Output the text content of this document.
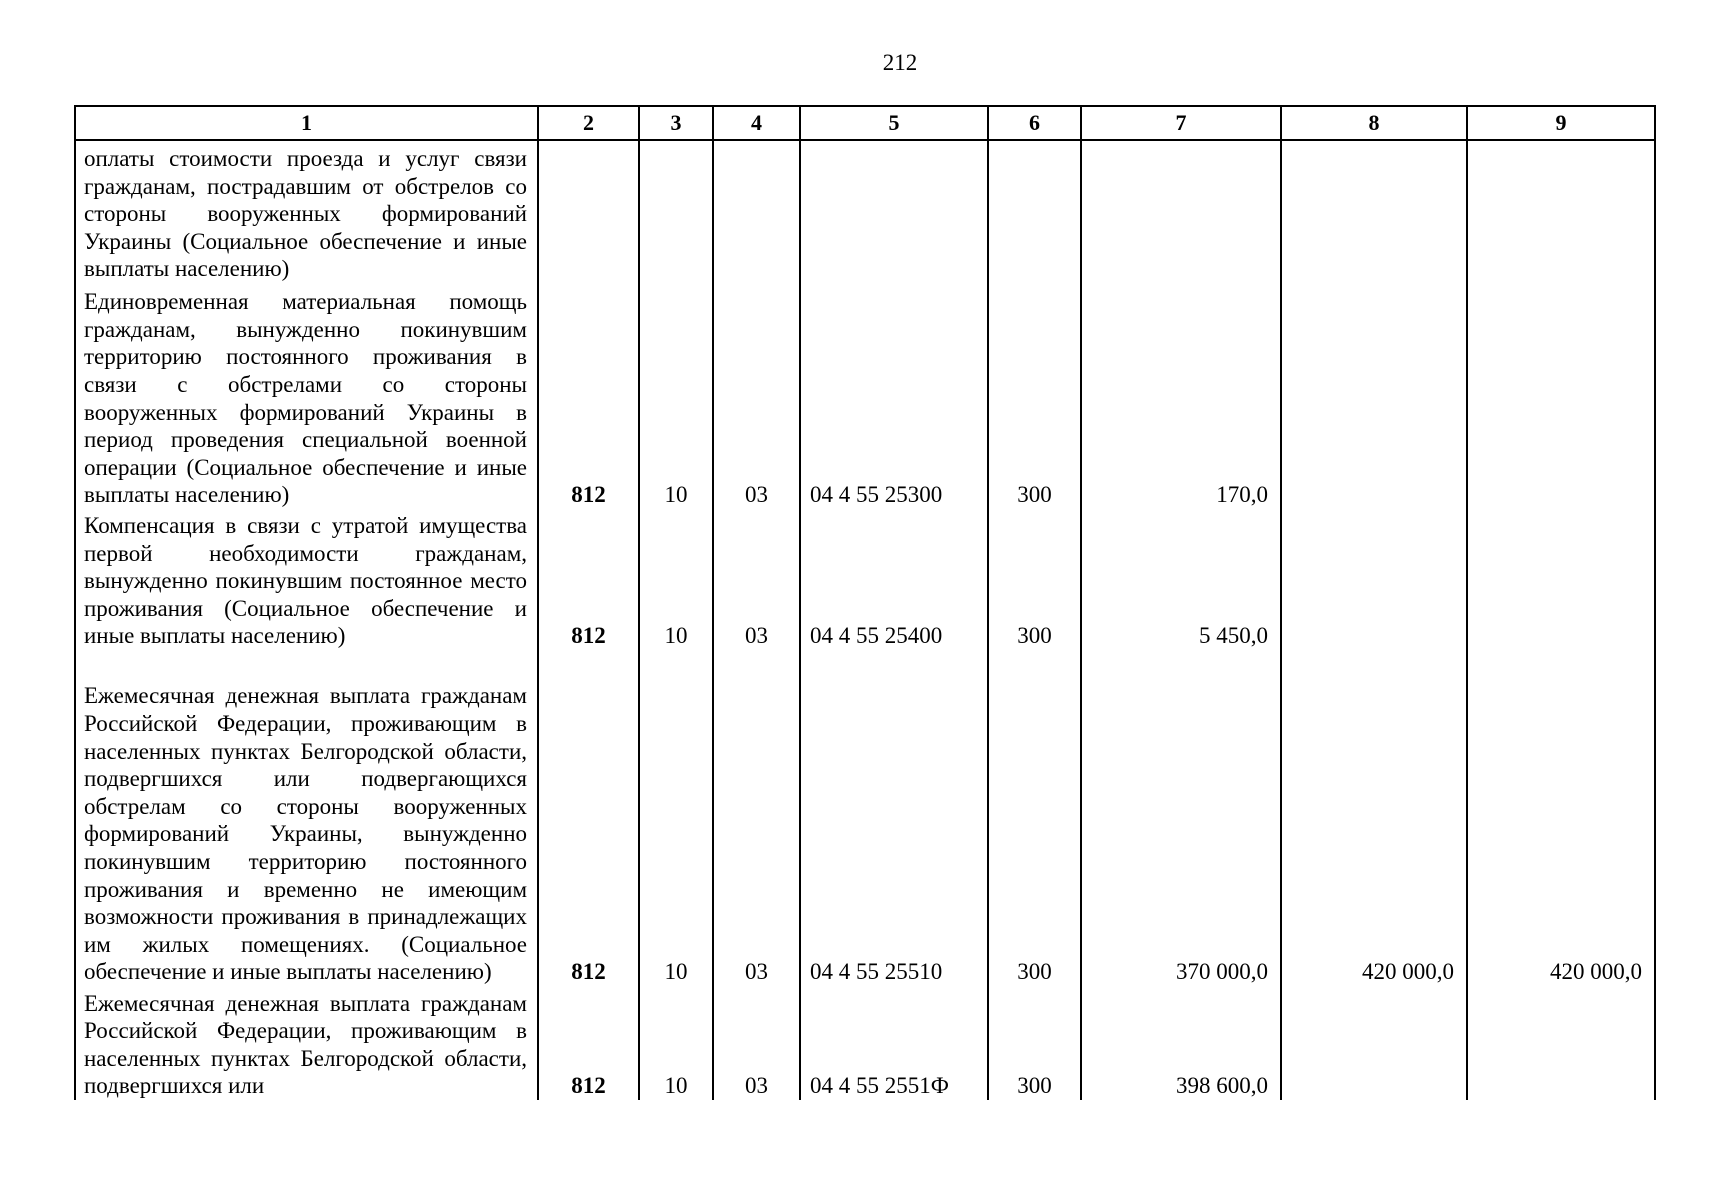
212
1	2	3	4	5	6	7	8	9
оплаты стоимости проезда и услуг связи гражданам, пострадавшим от обстрелов со стороны вооруженных формирований Украины (Социальное обеспечение и иные выплаты населению)								
Единовременная материальная помощь гражданам, вынужденно покинувшим территорию постоянного проживания в связи с обстрелами со стороны вооруженных формирований Украины в период проведения специальной военной операции (Социальное обеспечение и иные выплаты населению)	812	10	03	04 4 55 25300	300	170,0		
Компенсация в связи с утратой имущества первой необходимости гражданам, вынужденно покинувшим постоянное место проживания (Социальное обеспечение и иные выплаты населению)	812	10	03	04 4 55 25400	300	5 450,0		
Ежемесячная денежная выплата гражданам Российской Федерации, проживающим в населенных пунктах Белгородской области, подвергшихся или подвергающихся обстрелам со стороны вооруженных формирований Украины, вынужденно покинувшим территорию постоянного проживания и временно не имеющим возможности проживания в принадлежащих им жилых помещениях. (Социальное обеспечение и иные выплаты населению)	812	10	03	04 4 55 25510	300	370 000,0	420 000,0	420 000,0
Ежемесячная денежная выплата гражданам Российской Федерации, проживающим в населенных пунктах Белгородской области, подвергшихся или	812	10	03	04 4 55 2551Ф	300	398 600,0		
